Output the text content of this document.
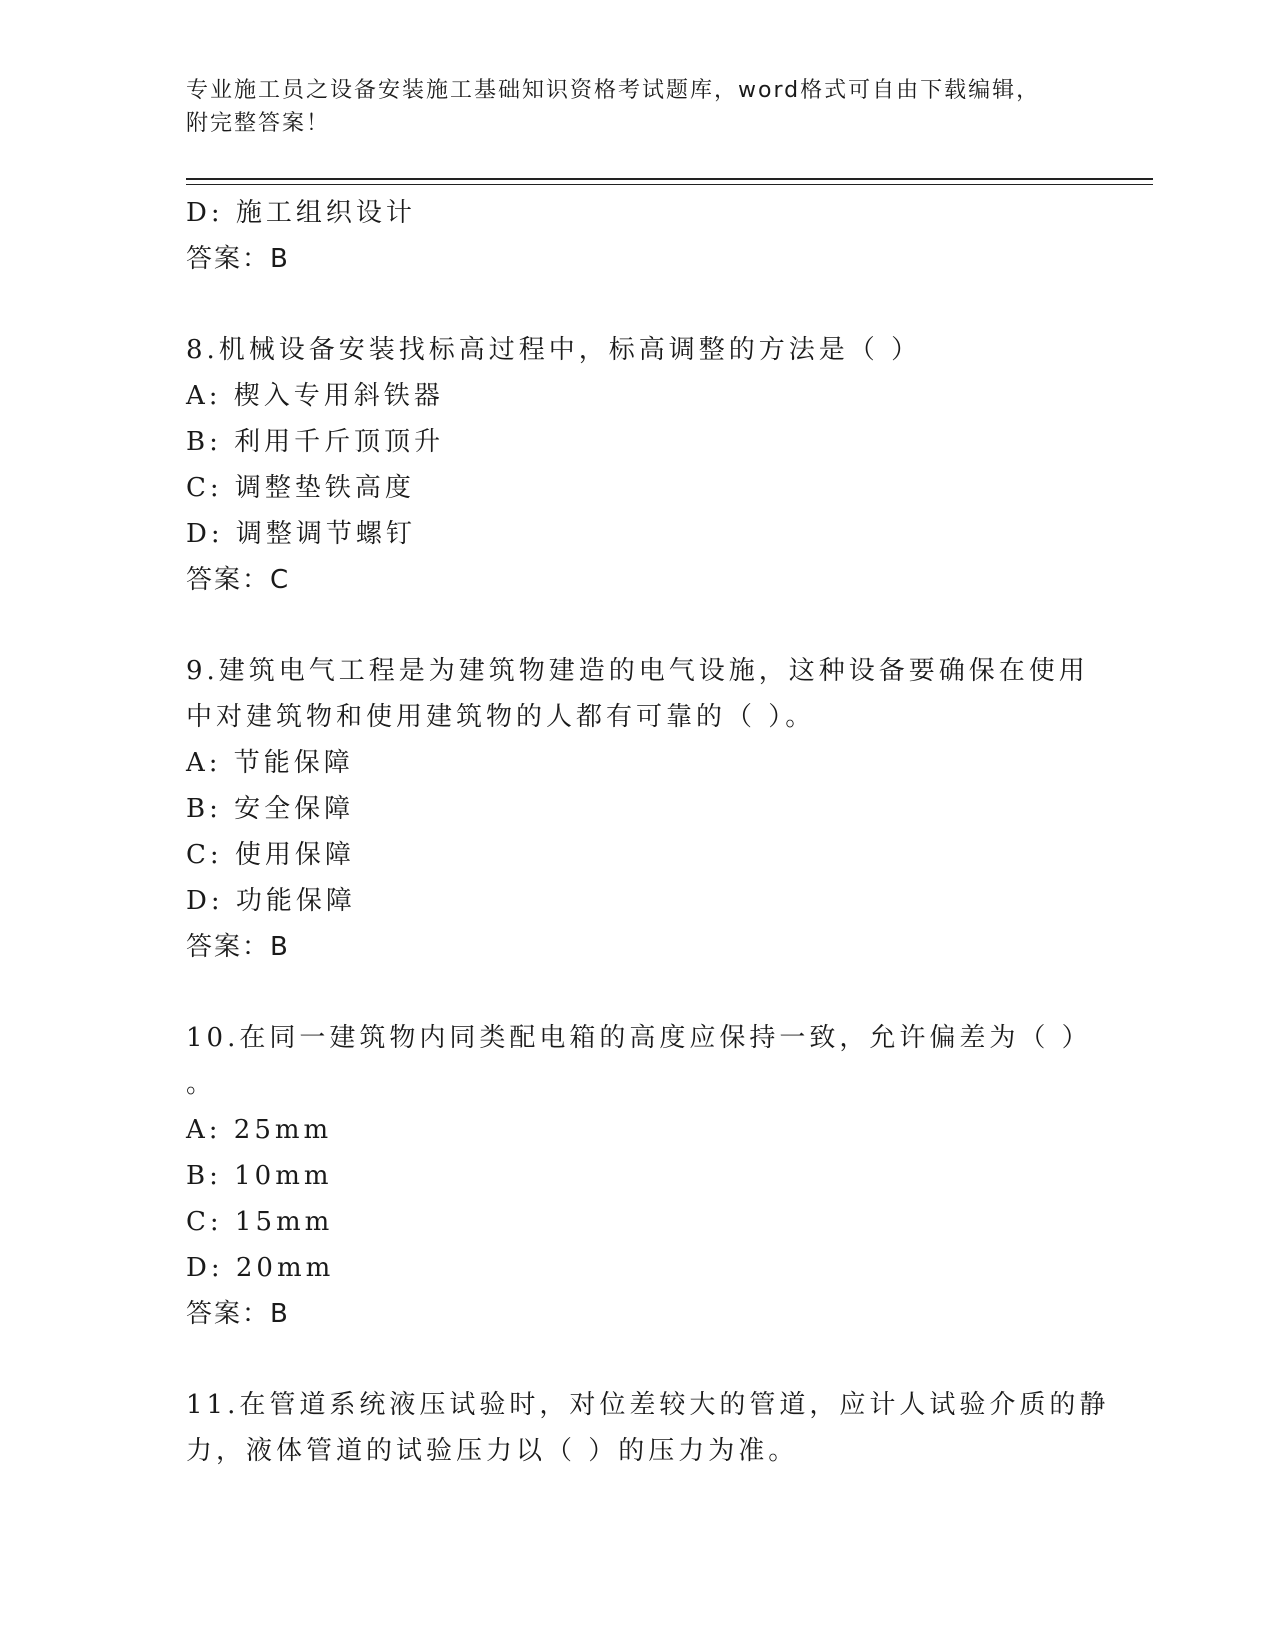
专业施工员之设备安装施工基础知识资格考试题库，word格式可自由下载编辑，
附完整答案！
D: 施工组织设计
答案：B
8.机械设备安装找标高过程中，标高调整的方法是（ ）
A: 楔入专用斜铁器
B: 利用千斤顶顶升
C: 调整垫铁高度
D: 调整调节螺钉
答案：C
9.建筑电气工程是为建筑物建造的电气设施，这种设备要确保在使用
中对建筑物和使用建筑物的人都有可靠的（ ）。
A: 节能保障
B: 安全保障
C: 使用保障
D: 功能保障
答案：B
10.在同一建筑物内同类配电箱的高度应保持一致，允许偏差为（ ）
。
A: 25mm
B: 10mm
C: 15mm
D: 20mm
答案：B
11.在管道系统液压试验时，对位差较大的管道，应计人试验介质的静
力，液体管道的试验压力以（ ）的压力为准。
